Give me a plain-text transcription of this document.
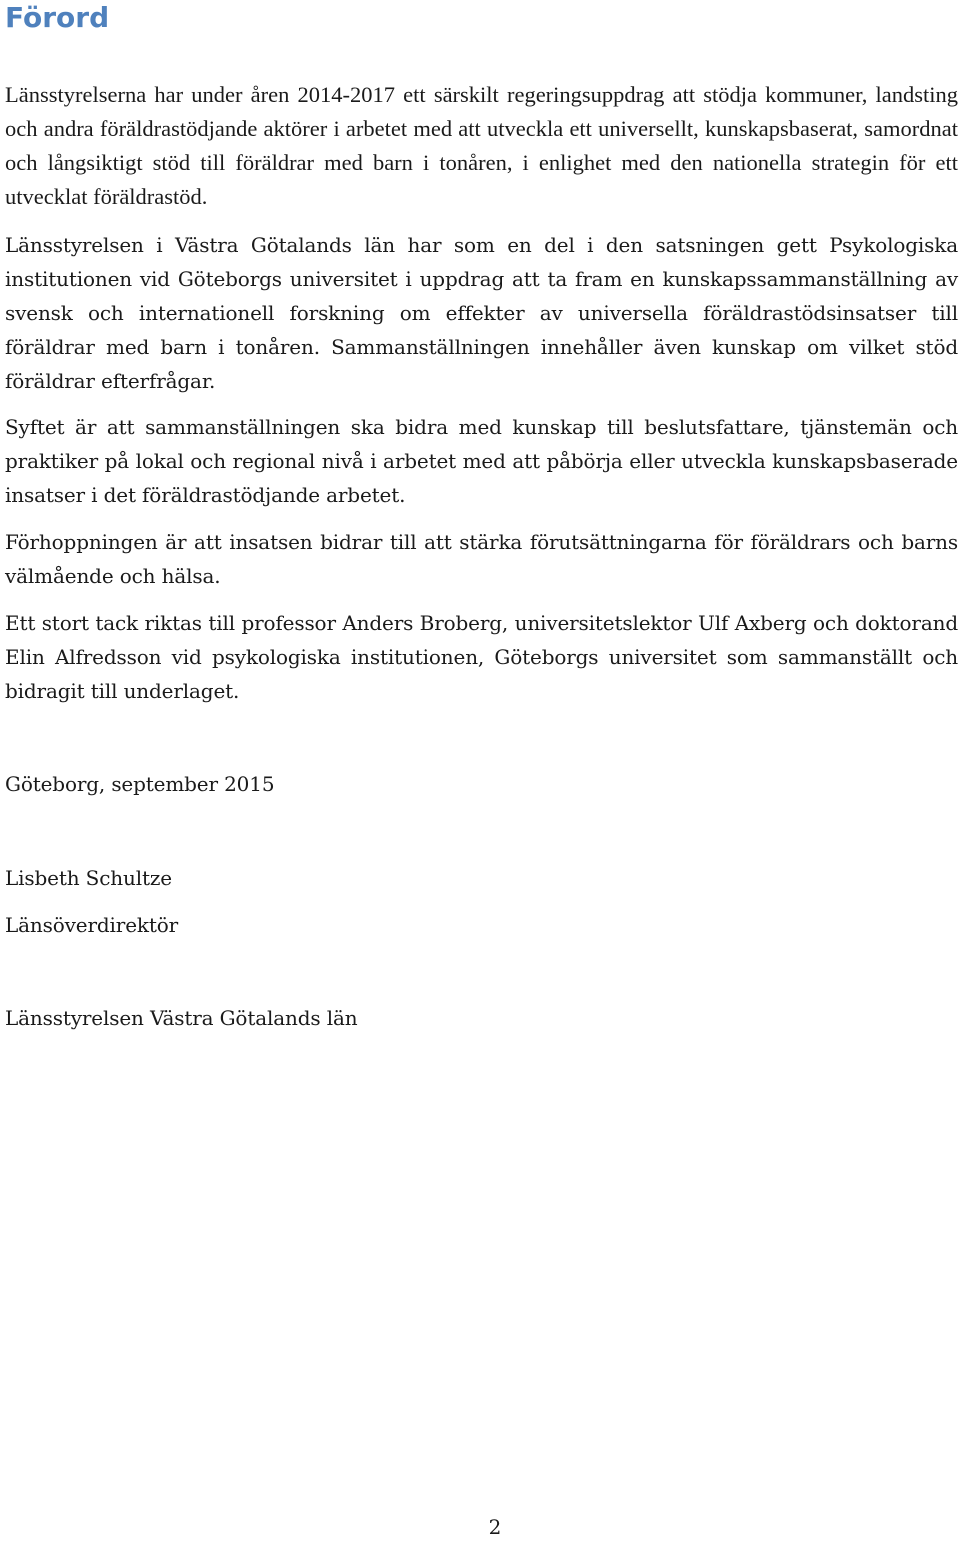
Förord

Länsstyrelserna har under åren 2014-2017 ett särskilt regeringsuppdrag att stödja kommuner, landsting och andra föräldrastödjande aktörer i arbetet med att utveckla ett universellt, kunskapsbaserat, samordnat och långsiktigt stöd till föräldrar med barn i tonåren, i enlighet med den nationella strategin för ett utvecklat föräldrastöd.

Länsstyrelsen i Västra Götalands län har som en del i den satsningen gett Psykologiska institutionen vid Göteborgs universitet i uppdrag att ta fram en kunskapssammanställning av svensk och internationell forskning om effekter av universella föräldrastödsinsatser till föräldrar med barn i tonåren. Sammanställningen innehåller även kunskap om vilket stöd föräldrar efterfrågar.

Syftet är att sammanställningen ska bidra med kunskap till beslutsfattare, tjänstemän och praktiker på lokal och regional nivå i arbetet med att påbörja eller utveckla kunskapsbaserade insatser i det föräldrastödjande arbetet.

Förhoppningen är att insatsen bidrar till att stärka förutsättningarna för föräldrars och barns välmående och hälsa.

Ett stort tack riktas till professor Anders Broberg, universitetslektor Ulf Axberg och doktorand Elin Alfredsson vid psykologiska institutionen, Göteborgs universitet som sammanställt och bidragit till underlaget.

Göteborg, september 2015

Lisbeth Schultze

Länsöverdirektör

Länsstyrelsen Västra Götalands län

2
